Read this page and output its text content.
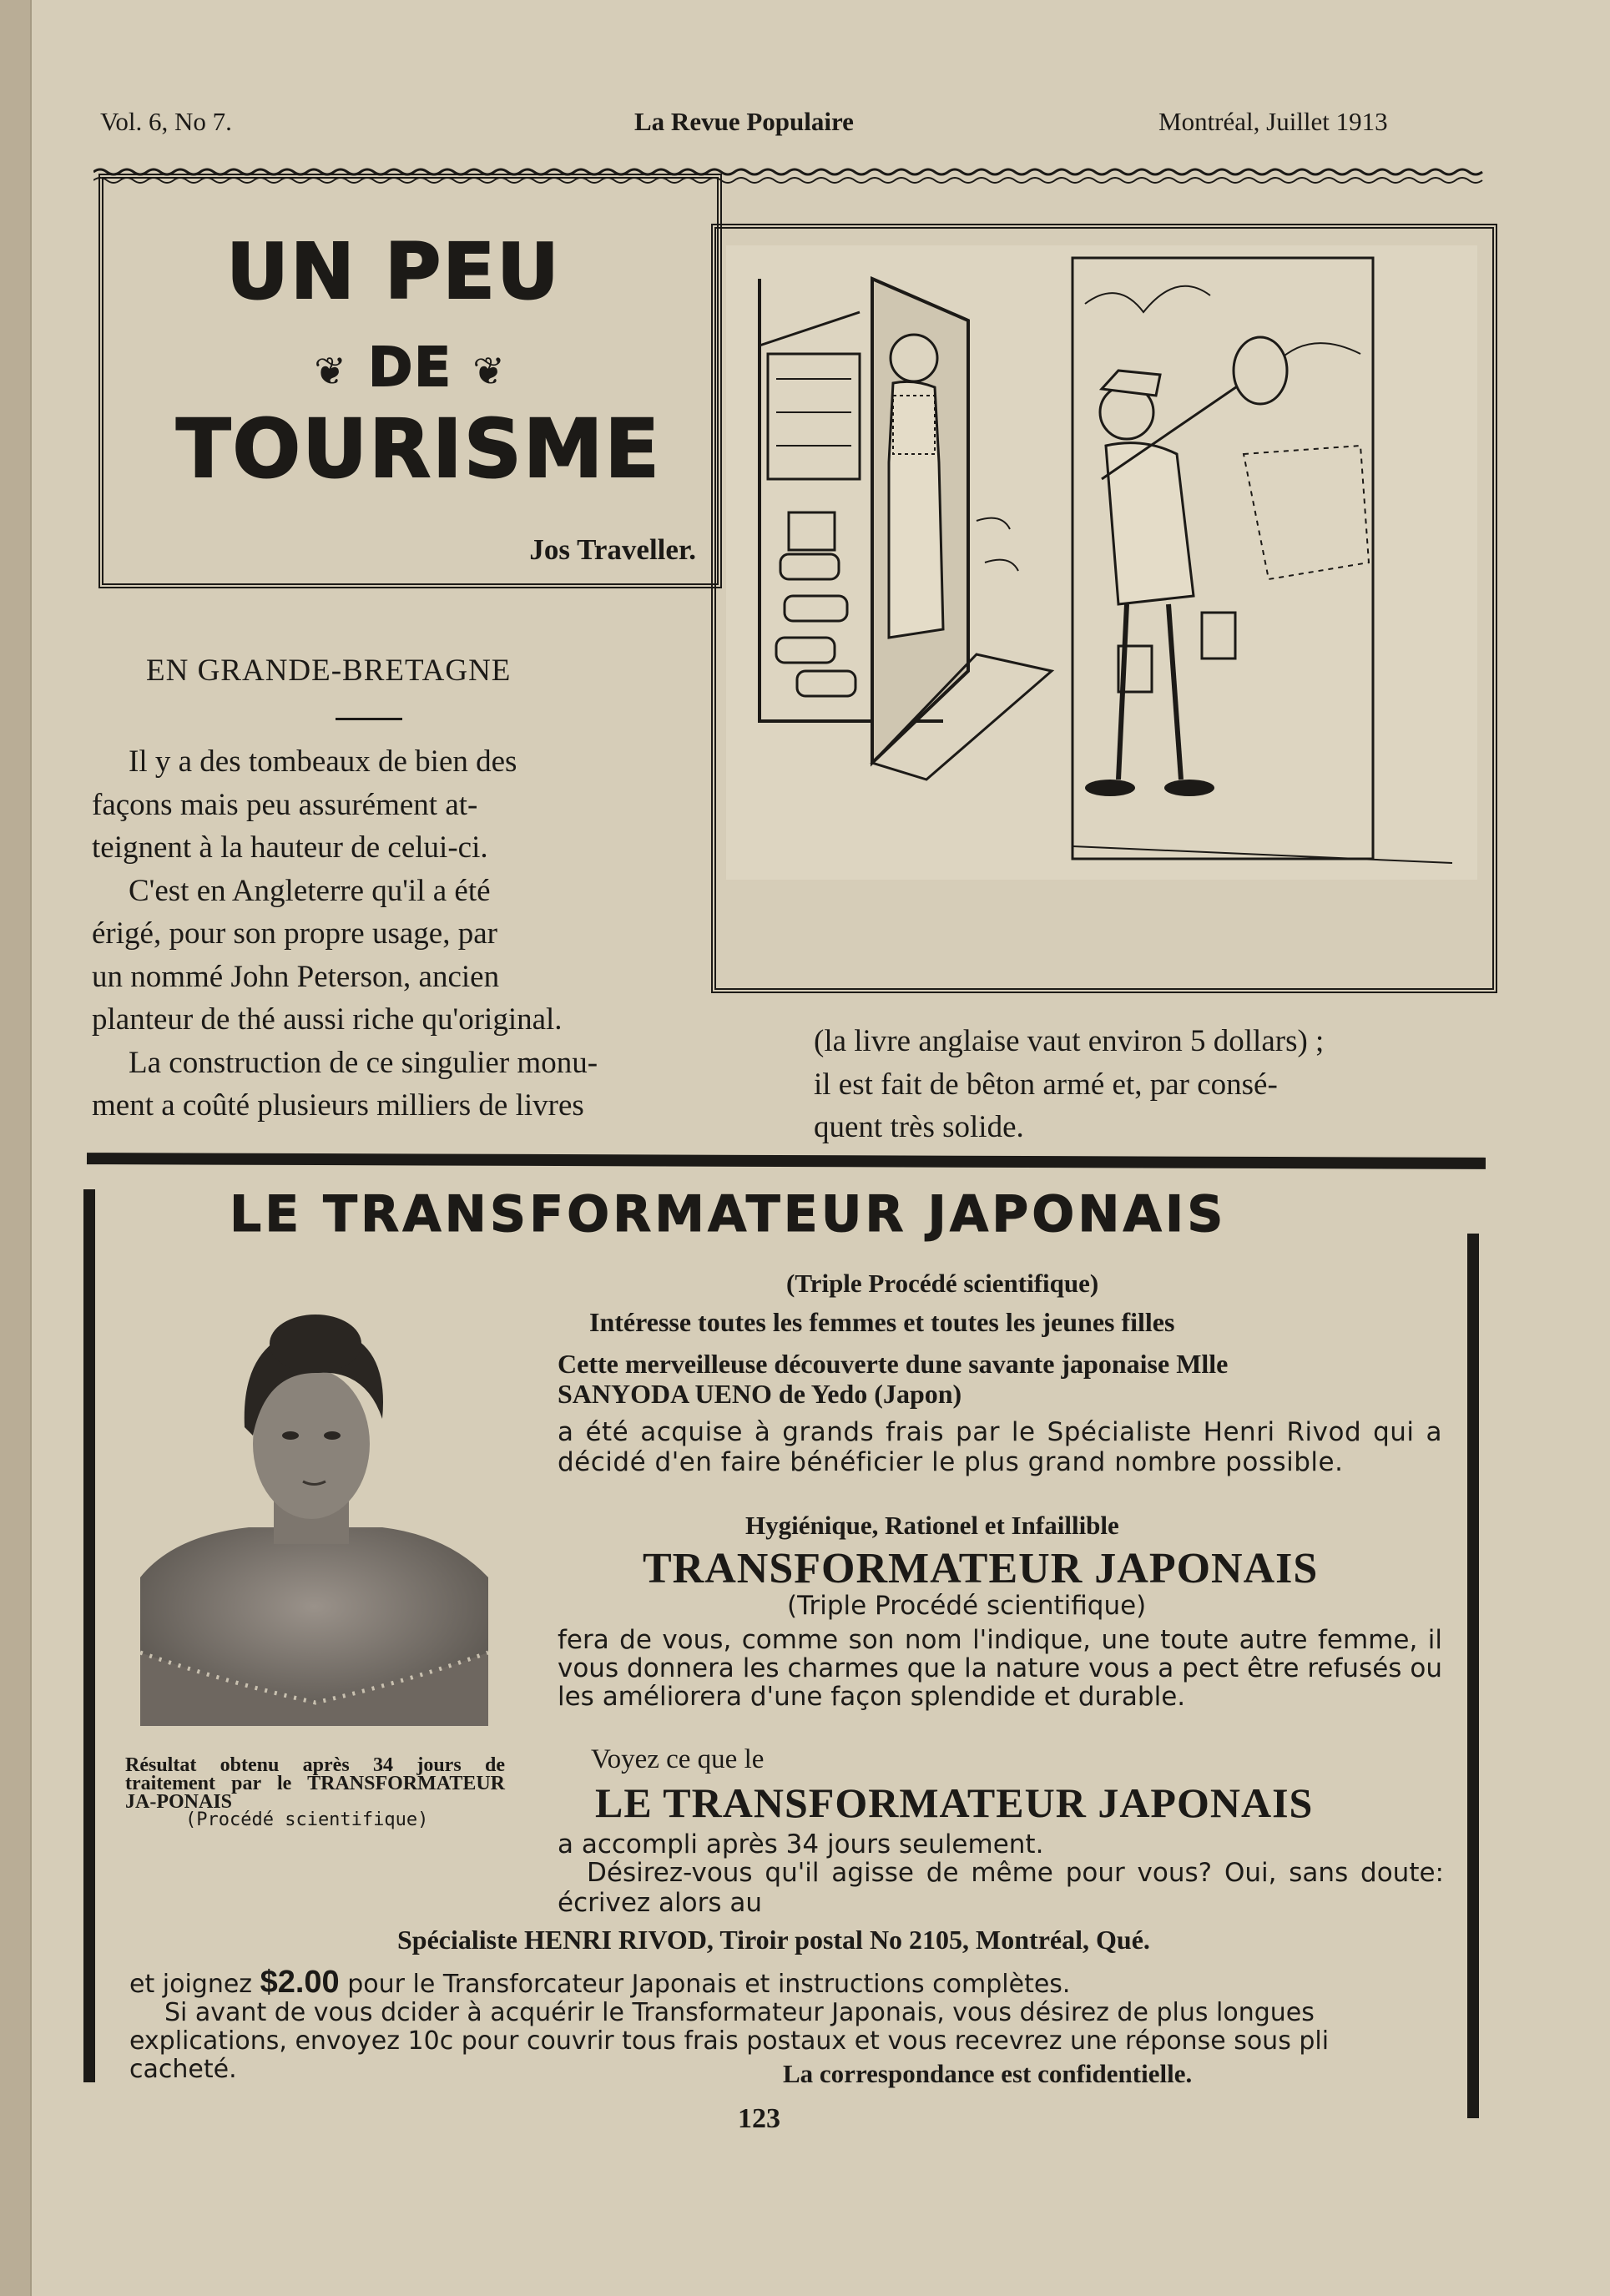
Vol. 6, No 7.	La Revue Populaire	Montréal, Juillet 1913
UN PEU
❦ DE ❦
TOURISME
Jos Traveller.
EN GRANDE-BRETAGNE
Il y a des tombeaux de bien des
façons mais peu assurément at-
teignent à la hauteur de celui-ci.
C'est en Angleterre qu'il a été
érigé, pour son propre usage, par
un nommé John Peterson, ancien
planteur de thé aussi riche qu'original.
La construction de ce singulier monu-
ment a coûté plusieurs milliers de livres
(la livre anglaise vaut environ 5 dollars) ;
il est fait de bêton armé et, par consé-
quent très solide.
LE TRANSFORMATEUR JAPONAIS
(Triple Procédé scientifique)
Intéresse toutes les femmes et toutes les jeunes filles
Cette merveilleuse découverte dune savante japonaise Mlle
SANYODA UENO de Yedo (Japon)
a été acquise à grands frais par le Spécialiste Henri Rivod qui a décidé d'en faire bénéficier le plus grand nombre possible.
Hygiénique, Rationel et Infaillible
TRANSFORMATEUR JAPONAIS
(Triple Procédé scientifique)
fera de vous, comme son nom l'indique, une toute autre femme, il vous donnera les charmes que la nature vous a pect être refusés ou les améliorera d'une façon splendide et durable.
Voyez ce que le
LE TRANSFORMATEUR JAPONAIS
a accompli après 34 jours seulement.
Désirez-vous qu'il agisse de même pour vous? Oui, sans doute: écrivez alors au
Spécialiste HENRI RIVOD, Tiroir postal No 2105, Montréal, Qué.
et joignez $2.00 pour le Transforcateur Japonais et instructions complètes.
Si avant de vous dcider à acquérir le Transformateur Japonais, vous désirez de plus longues explications, envoyez 10c pour couvrir tous frais postaux et vous recevrez une réponse sous pli cacheté.	La correspondance est confidentielle.
Résultat obtenu après 34 jours de traitement par le TRANSFORMATEUR JA-PONAIS
(Procédé scientifique)
123
